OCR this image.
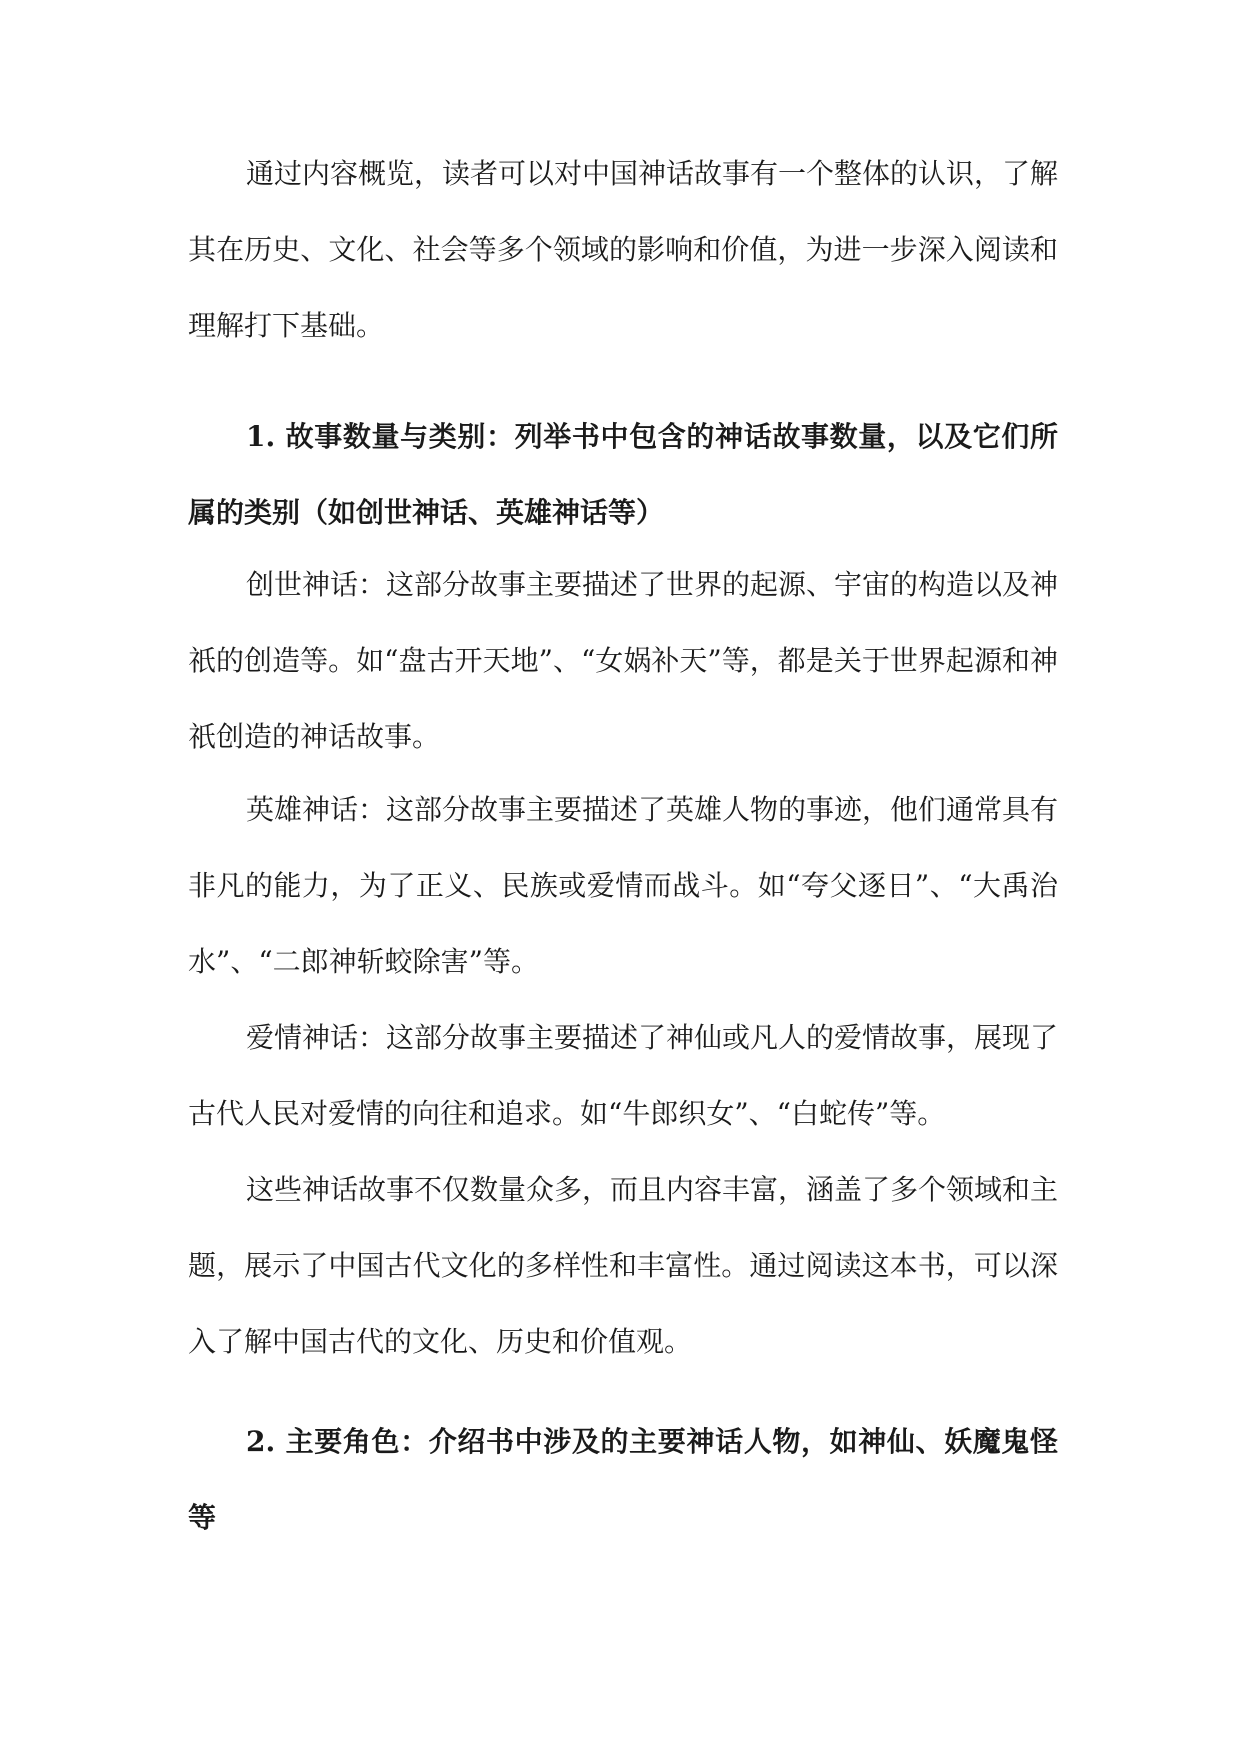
通过内容概览，读者可以对中国神话故事有一个整体的认识，了解其在历史、文化、社会等多个领域的影响和价值，为进一步深入阅读和理解打下基础。

1. 故事数量与类别：列举书中包含的神话故事数量，以及它们所属的类别（如创世神话、英雄神话等）

创世神话：这部分故事主要描述了世界的起源、宇宙的构造以及神祇的创造等。如“盘古开天地”、“女娲补天”等，都是关于世界起源和神祇创造的神话故事。

英雄神话：这部分故事主要描述了英雄人物的事迹，他们通常具有非凡的能力，为了正义、民族或爱情而战斗。如“夸父逐日”、“大禹治水”、“二郎神斩蛟除害”等。

爱情神话：这部分故事主要描述了神仙或凡人的爱情故事，展现了古代人民对爱情的向往和追求。如“牛郎织女”、“白蛇传”等。

这些神话故事不仅数量众多，而且内容丰富，涵盖了多个领域和主题，展示了中国古代文化的多样性和丰富性。通过阅读这本书，可以深入了解中国古代的文化、历史和价值观。

2. 主要角色：介绍书中涉及的主要神话人物，如神仙、妖魔鬼怪等
